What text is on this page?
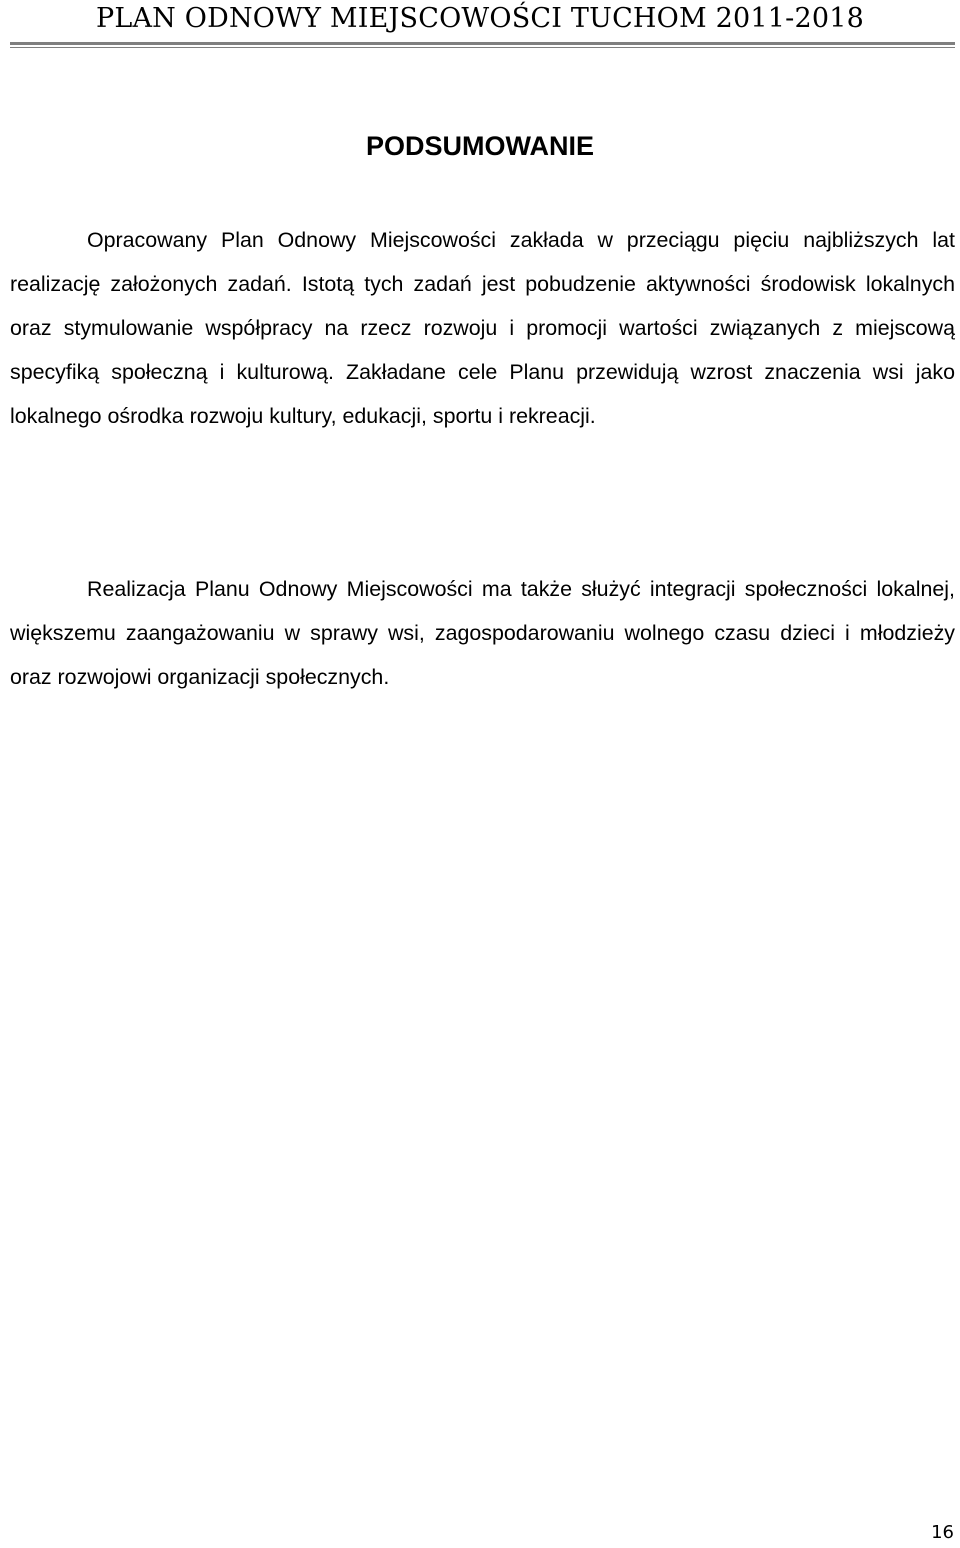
PLAN ODNOWY MIEJSCOWOŚCI TUCHOM 2011-2018
PODSUMOWANIE

Opracowany Plan Odnowy Miejscowości zakłada w przeciągu pięciu najbliższych lat realizację założonych zadań. Istotą tych zadań jest pobudzenie aktywności środowisk lokalnych oraz stymulowanie współpracy na rzecz rozwoju i promocji wartości związanych z miejscową specyfiką społeczną i kulturową. Zakładane cele Planu przewidują wzrost znaczenia wsi jako lokalnego ośrodka rozwoju kultury, edukacji, sportu i rekreacji.

Realizacja Planu Odnowy Miejscowości ma także służyć integracji społeczności lokalnej, większemu zaangażowaniu w sprawy wsi, zagospodarowaniu wolnego czasu dzieci i młodzieży oraz rozwojowi organizacji społecznych.

16
